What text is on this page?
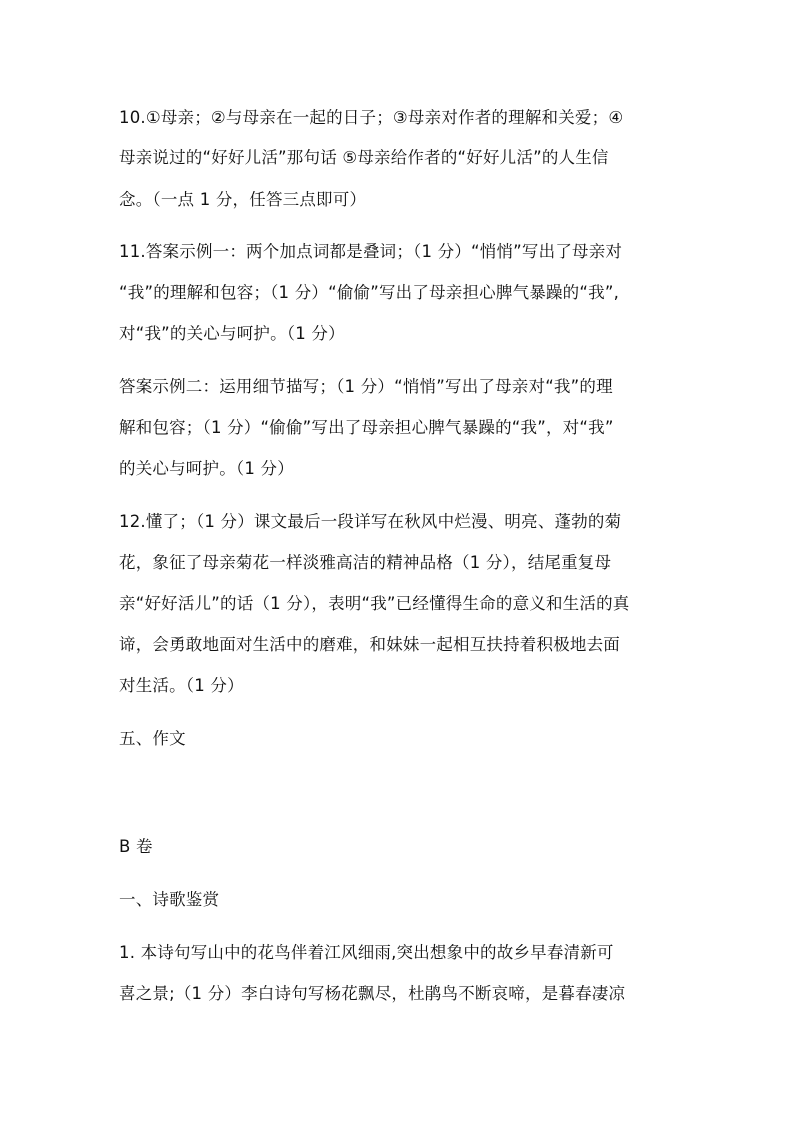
10.①母亲；②与母亲在一起的日子；③母亲对作者的理解和关爱；④
母亲说过的“好好儿活”那句话 ⑤母亲给作者的“好好儿活”的人生信
念。（一点 1 分，任答三点即可）
11.答案示例一：两个加点词都是叠词；（1 分）“悄悄”写出了母亲对
“我”的理解和包容；（1 分）“偷偷”写出了母亲担心脾气暴躁的“我”,
对“我”的关心与呵护。（1 分）
答案示例二：运用细节描写；（1 分）“悄悄”写出了母亲对“我”的理
解和包容；（1 分）“偷偷”写出了母亲担心脾气暴躁的“我”，对“我”
的关心与呵护。（1 分）
12.懂了；（1 分）课文最后一段详写在秋风中烂漫、明亮、蓬勃的菊
花，象征了母亲菊花一样淡雅高洁的精神品格（1 分），结尾重复母
亲“好好活儿”的话（1 分），表明“我”已经懂得生命的意义和生活的真
谛，会勇敢地面对生活中的磨难，和妹妹一起相互扶持着积极地去面
对生活。（1 分）
五、作文
B 卷
一、诗歌鉴赏
1. 本诗句写山中的花鸟伴着江风细雨,突出想象中的故乡早春清新可
喜之景;（1 分）李白诗句写杨花飘尽，杜鹃鸟不断哀啼，是暮春凄凉
